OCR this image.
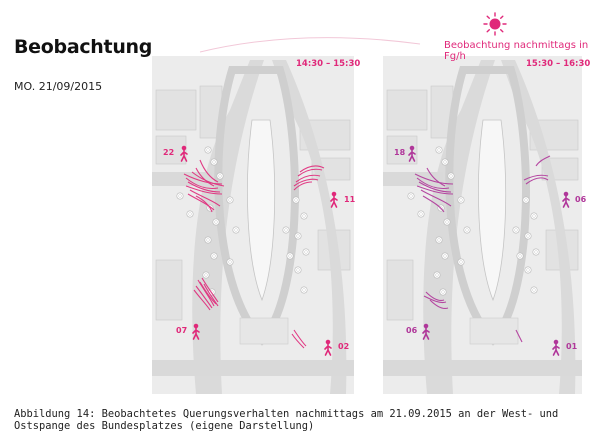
Beobachtung
MO. 21/09/2015
Beobachtung nachmittags in Fg/h
14:30 – 15:30	15:30 – 16:30
22
11
07
02
18
06
06
01
Abbildung 14: Beobachtetes Querungsverhalten nachmittags am 21.09.2015 an der West- und Ostspange des Bundesplatzes (eigene Darstellung)
